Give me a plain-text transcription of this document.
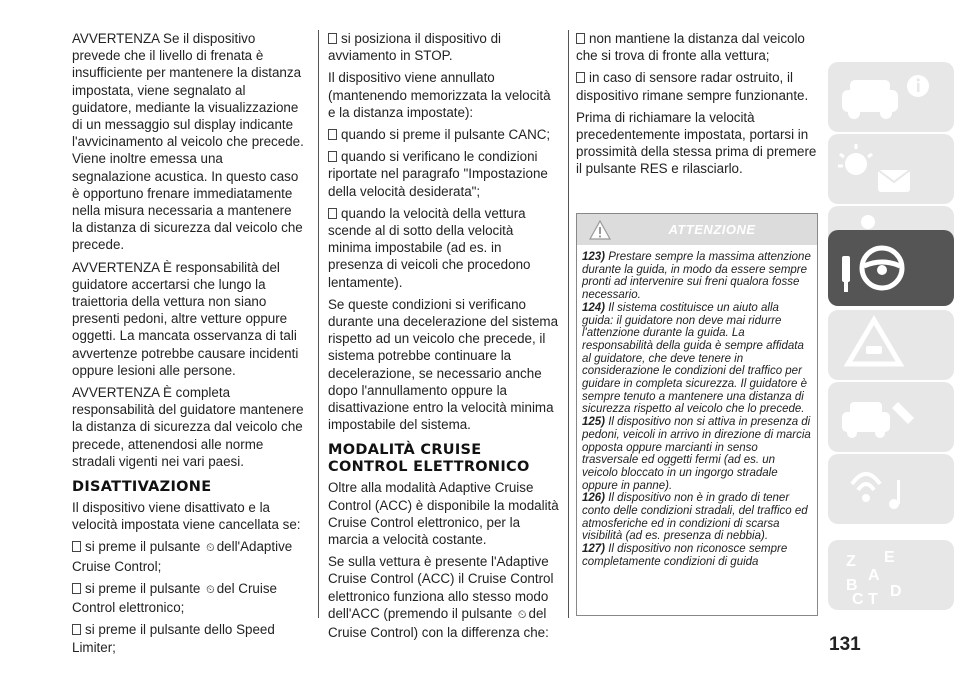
AVVERTENZA Se il dispositivo prevede che il livello di frenata è insufficiente per mantenere la distanza impostata, viene segnalato al guidatore, mediante la visualizzazione di un messaggio sul display indicante l'avvicinamento al veicolo che precede. Viene inoltre emessa una segnalazione acustica. In questo caso è opportuno frenare immediatamente nella misura necessaria a mantenere la distanza di sicurezza dal veicolo che precede.

AVVERTENZA È responsabilità del guidatore accertarsi che lungo la traiettoria della vettura non siano presenti pedoni, altre vetture oppure oggetti. La mancata osservanza di tali avvertenze potrebbe causare incidenti oppure lesioni alle persone.

AVVERTENZA È completa responsabilità del guidatore mantenere la distanza di sicurezza dal veicolo che precede, attenendosi alle norme stradali vigenti nei vari paesi.

DISATTIVAZIONE

Il dispositivo viene disattivato e la velocità impostata viene cancellata se:

si preme il pulsante ⏲ dell'Adaptive Cruise Control;

si preme il pulsante ⏲ del Cruise Control elettronico;

si preme il pulsante dello Speed Limiter;

si posiziona il dispositivo di avviamento in STOP.

Il dispositivo viene annullato (mantenendo memorizzata la velocità e la distanza impostate):

quando si preme il pulsante CANC;

quando si verificano le condizioni riportate nel paragrafo "Impostazione della velocità desiderata";

quando la velocità della vettura scende al di sotto della velocità minima impostabile (ad es. in presenza di veicoli che procedono lentamente).

Se queste condizioni si verificano durante una decelerazione del sistema rispetto ad un veicolo che precede, il sistema potrebbe continuare la decelerazione, se necessario anche dopo l'annullamento oppure la disattivazione entro la velocità minima impostabile del sistema.

MODALITÀ CRUISE CONTROL ELETTRONICO

Oltre alla modalità Adaptive Cruise Control (ACC) è disponibile la modalità Cruise Control elettronico, per la marcia a velocità costante.

Se sulla vettura è presente l'Adaptive Cruise Control (ACC) il Cruise Control elettronico funziona allo stesso modo dell'ACC (premendo il pulsante ⏲ del Cruise Control) con la differenza che:

non mantiene la distanza dal veicolo che si trova di fronte alla vettura;

in caso di sensore radar ostruito, il dispositivo rimane sempre funzionante.

Prima di richiamare la velocità precedentemente impostata, portarsi in prossimità della stessa prima di premere il pulsante RES e rilasciarlo.

ATTENZIONE

123) Prestare sempre la massima attenzione durante la guida, in modo da essere sempre pronti ad intervenire sui freni qualora fosse necessario.

124) Il sistema costituisce un aiuto alla guida: il guidatore non deve mai ridurre l'attenzione durante la guida. La responsabilità della guida è sempre affidata al guidatore, che deve tenere in considerazione le condizioni del traffico per guidare in completa sicurezza. Il guidatore è sempre tenuto a mantenere una distanza di sicurezza rispetto al veicolo che lo precede.

125) Il dispositivo non si attiva in presenza di pedoni, veicoli in arrivo in direzione di marcia opposta oppure marcianti in senso trasversale ed oggetti fermi (ad es. un veicolo bloccato in un ingorgo stradale oppure in panne).

126) Il dispositivo non è in grado di tener conto delle condizioni stradali, del traffico ed atmosferiche ed in condizioni di scarsa visibilità (ad es. presenza di nebbia).

127) Il dispositivo non riconosce sempre completamente condizioni di guida

131
Z E
A
B
C T D
